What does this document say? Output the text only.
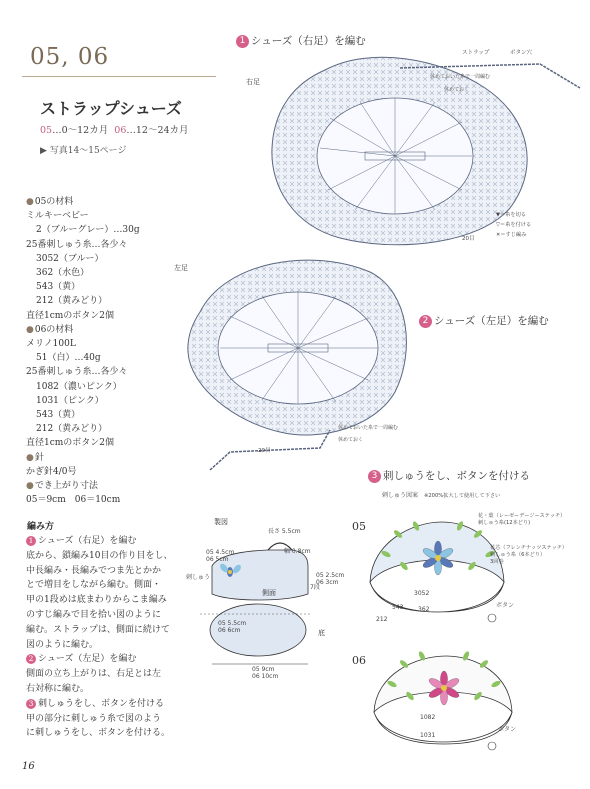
05, 06
ストラップシューズ
05…0～12カ月 06…12～24カ月
▶ 写真14～15ページ
● 05の材料
ミルキーベビー
2（ブルーグレー）…30g
25番刺しゅう糸…各少々
3052（ブルー）
362（水色）
543（黄）
212（黄みどり）
直径1cmのボタン2個
● 06の材料
メリノ100L
51（白）…40g
25番刺しゅう糸…各少々
1082（濃いピンク）
1031（ピンク）
543（黄）
212（黄みどり）
直径1cmのボタン2個
● 針
かぎ針4/0号
● でき上がり寸法
05＝9cm　06＝10cm
編み方
1 シューズ（右足）を編む
底から、鎖編み10目の作り目をし、
中長編み・長編みでつま先とかか
とで増目をしながら編む。側面・
甲の1段めは底まわりからこま編み
のすじ編みで目を拾い図のように
編む。ストラップは、側面に続けて
図のように編む。
2 シューズ（左足）を編む
側面の立ち上がりは、右足とは左
右対称に編む。
3 刺しゅうをし、ボタンを付ける
甲の部分に刺しゅう糸で図のよう
に刺しゅうをし、ボタンを付ける。
16
1 シューズ（右足）を編む
2 シューズ（左足）を編む
3 刺しゅうをし、ボタンを付ける
右足
ストラップ	ボタン穴
休めておいた糸で一周編む
休めておく
20目
▼＝糸を切る
▽＝糸を付ける
✕＝すじ編み
左足
休めておいた糸で一周編む
休めておく
20目
製図
長さ 5.5cm
幅 0.8cm
刺しゅう
05 4.5cm
06 5cm
05 2.5cm
06 3cm
7段
側面
底
05 5.5cm
06 6cm
05 9cm
06 10cm
刺しゅう図案 ※200%拡大して使用して下さい
05
花・葉（レーゼーデージーステッチ）
刺しゅう糸(12本どり)
花芯（フレンチナッツステッチ）
刺しゅう糸（6本どり）
3回巻
3052
543 362
212
ボタン
06
1082
1031
ボタン
